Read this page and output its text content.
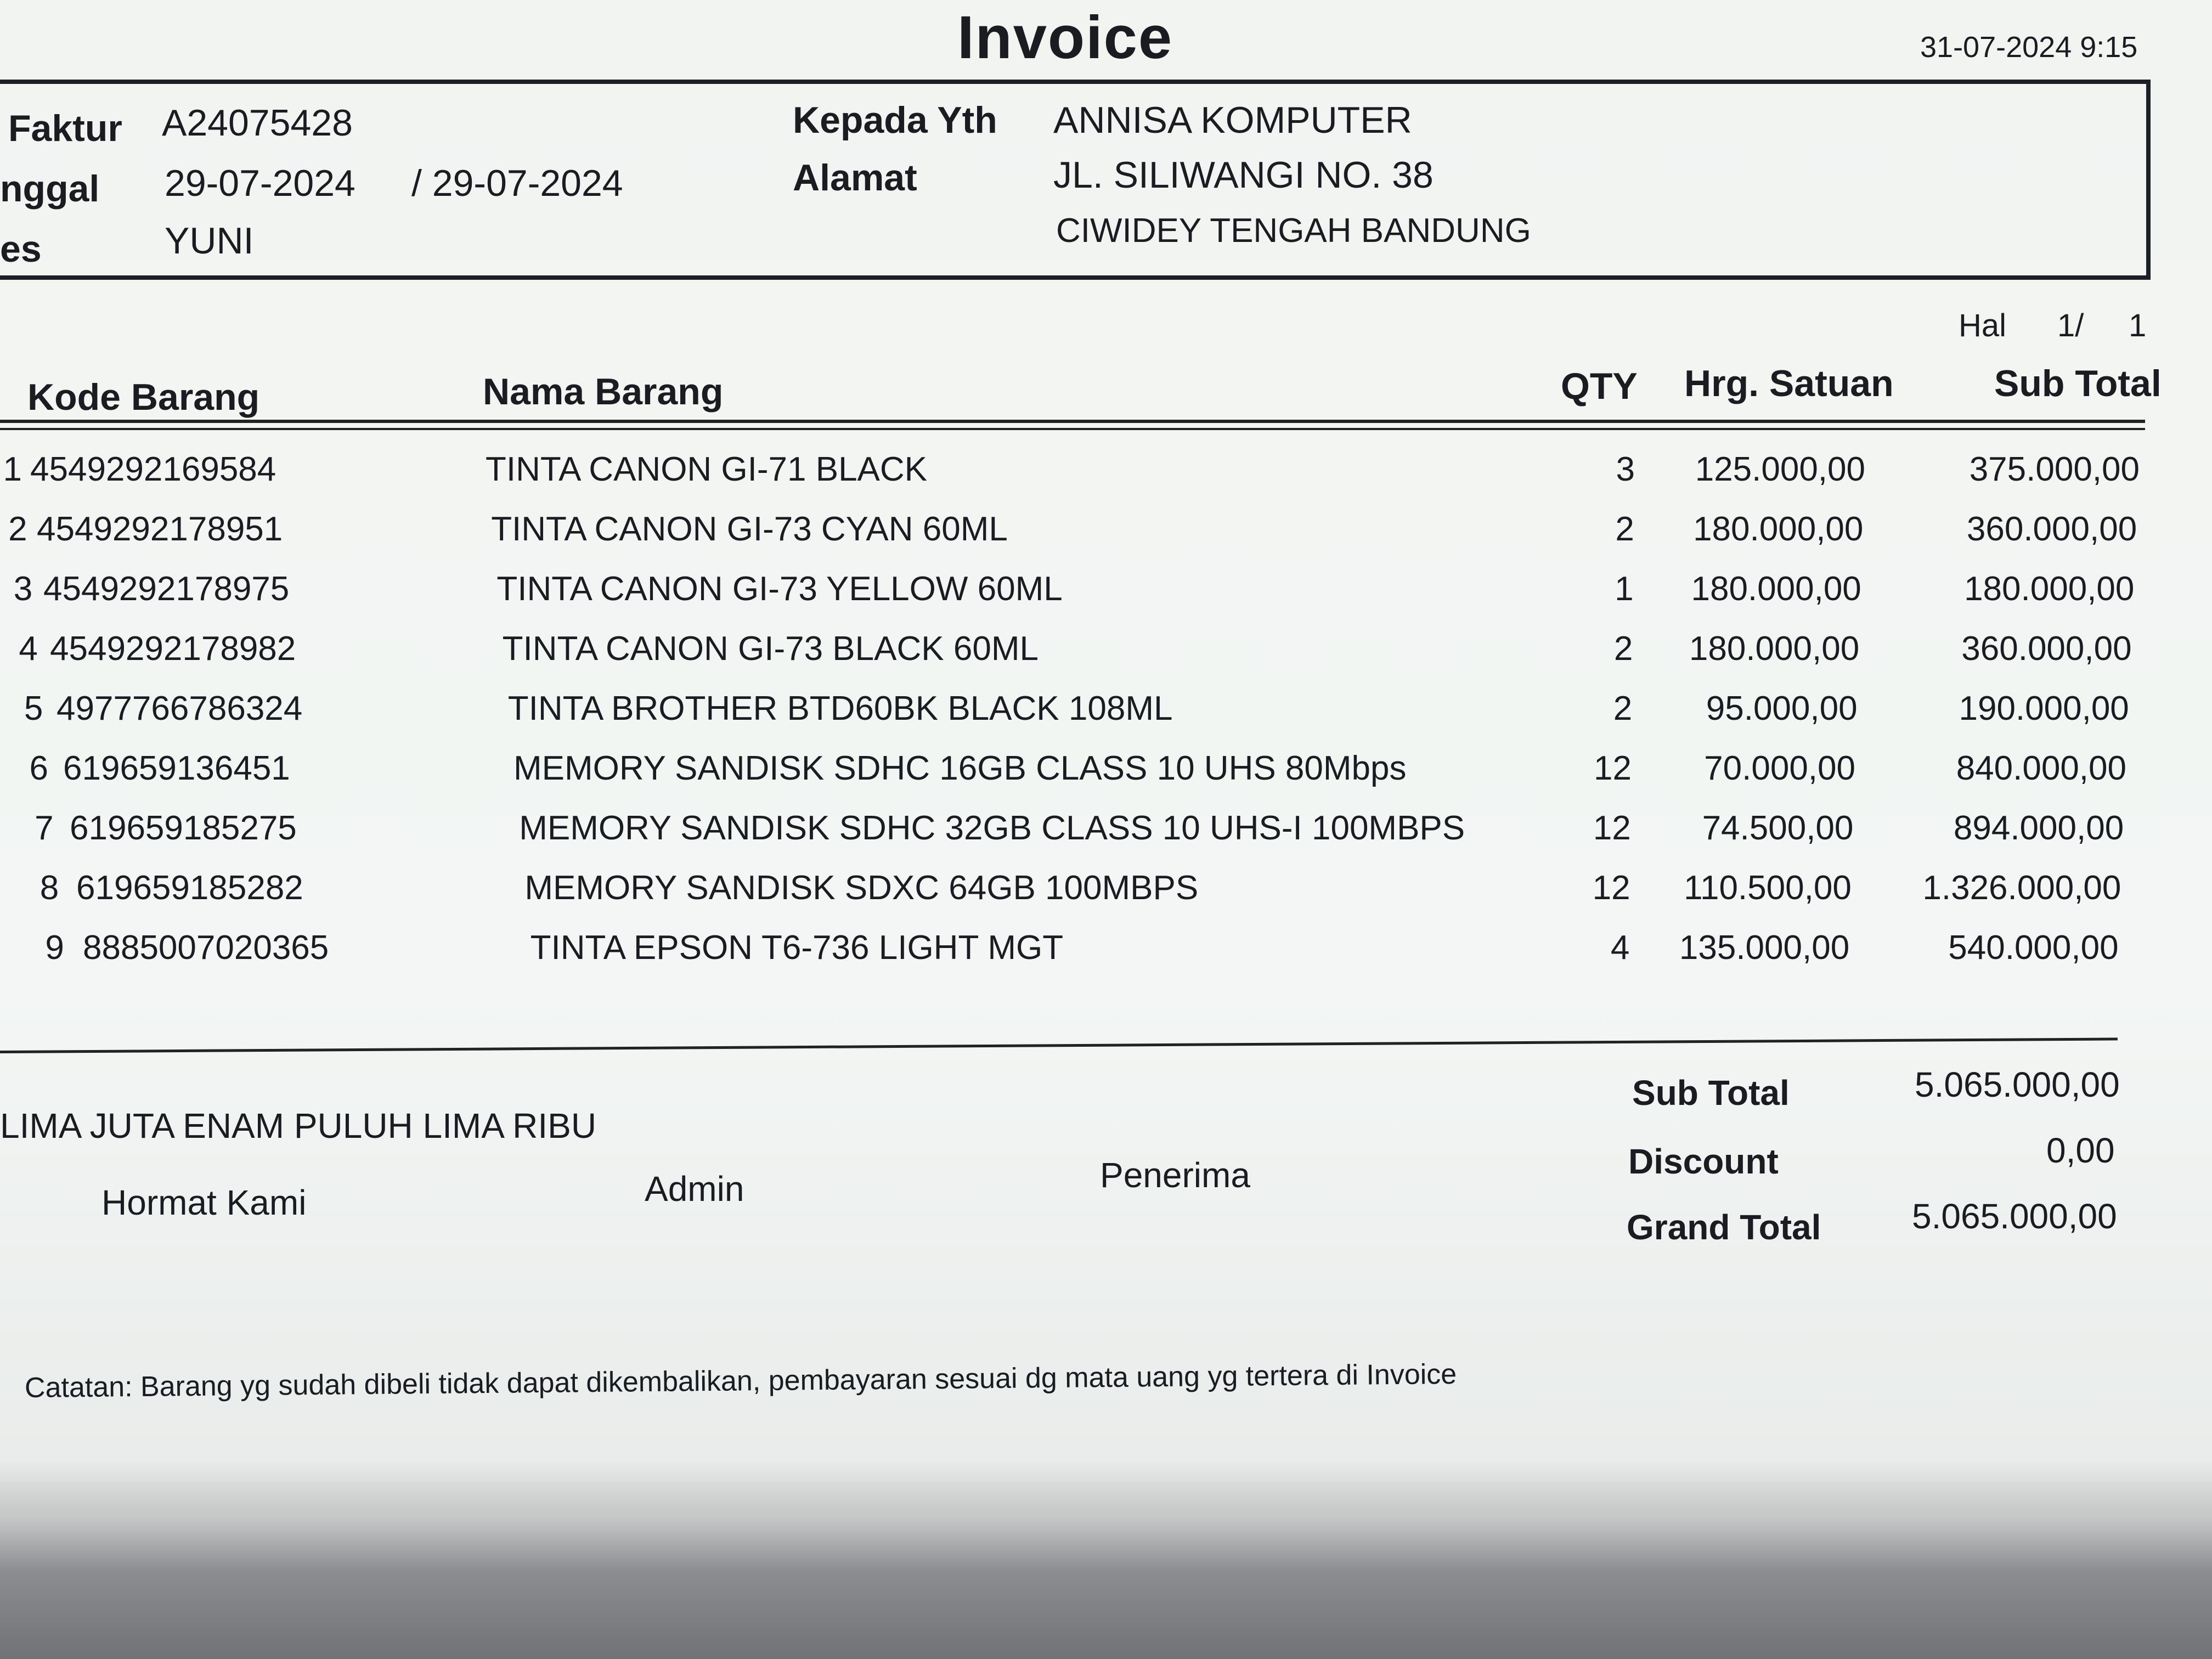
Invoice	31-07-2024 9:15
Faktur A24075428
nggal 29-07-2024 / 29-07-2024
es	YUNI
Kepada Yth ANNISA KOMPUTER
Alamat	JL. SILIWANGI NO. 38
CIWIDEY TENGAH BANDUNG
Hal 1/ 1
Kode Barang	Nama Barang	QTY Hrg. Satuan	Sub Total
1 4549292169584	TINTA CANON GI-71 BLACK	3	125.000,00	375.000,00
2 4549292178951	TINTA CANON GI-73 CYAN 60ML	2	180.000,00	360.000,00
3 4549292178975	TINTA CANON GI-73 YELLOW 60ML	1	180.000,00	180.000,00
4 4549292178982	TINTA CANON GI-73 BLACK 60ML	2	180.000,00	360.000,00
5 4977766786324	TINTA BROTHER BTD60BK BLACK 108ML	2	95.000,00	190.000,00
6 619659136451	MEMORY SANDISK SDHC 16GB CLASS 10 UHS 80Mbps	12	70.000,00	840.000,00
7 619659185275	MEMORY SANDISK SDHC 32GB CLASS 10 UHS-I 100MBPS	12	74.500,00	894.000,00
8 619659185282	MEMORY SANDISK SDXC 64GB 100MBPS	12	110.500,00	1.326.000,00
9 8885007020365	TINTA EPSON T6-736 LIGHT MGT	4	135.000,00	540.000,00
LIMA JUTA ENAM PULUH LIMA RIBU
Hormat Kami	Admin	Penerima
Sub Total	5.065.000,00
Discount	0,00
Grand Total	5.065.000,00
Catatan: Barang yg sudah dibeli tidak dapat dikembalikan, pembayaran sesuai dg mata uang yg tertera di Invoice
